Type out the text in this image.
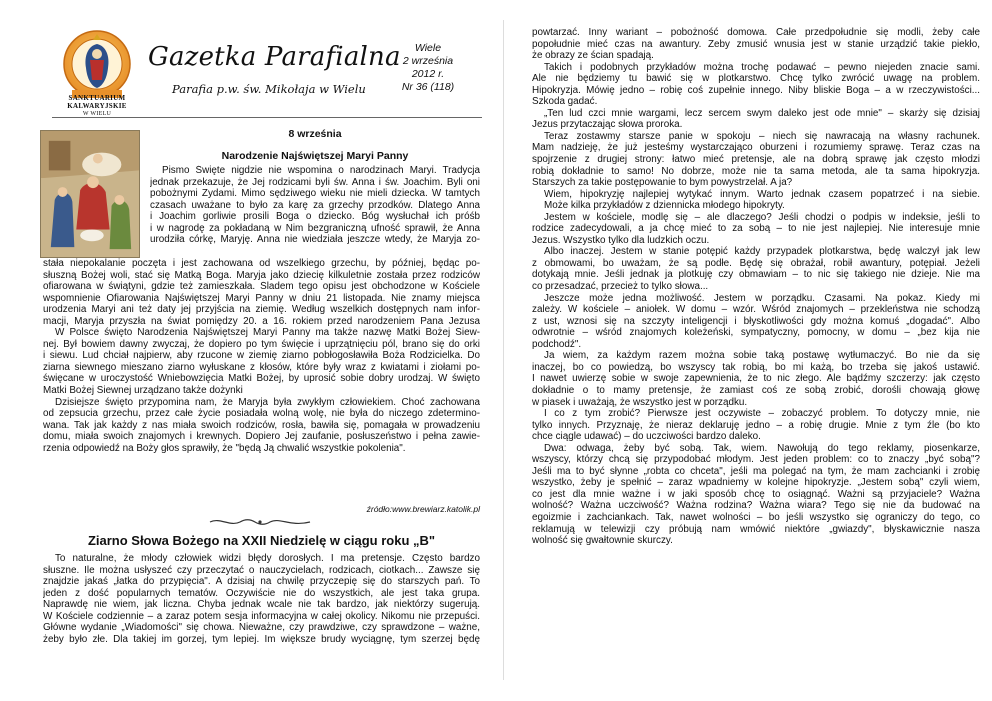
SANKTUARIUM
KALWARYJSKIE
W WIELU
Gazetka Parafialna
Parafia p.w. św. Mikołaja w Wielu
Wiele
2 września
2012 r.
Nr 36 (118)
8 września
Narodzenie Najświętszej Maryi Panny
Pismo Święte nigdzie nie wspomina o narodzinach Maryi. Tradycja
jednak przekazuje, że Jej rodzicami byli św. Anna i św. Joachim. Byli oni
pobożnymi Żydami. Mimo sędziwego wieku nie mieli dziecka. W tamtych
czasach uważane to było za karę za grzechy przodków. Dlatego Anna
i Joachim gorliwie prosili Boga o dziecko. Bóg wysłuchał ich próśb
i w nagrodę za pokładaną w Nim bezgraniczną ufność sprawił, że Anna
urodziła córkę, Maryję. Anna nie wiedziała jeszcze wtedy, że Maryja zo-
stała niepokalanie poczęta i jest zachowana od wszelkiego grzechu, by później, będąc po-
słuszną Bożej woli, stać się Matką Boga. Maryja jako dziecię kilkuletnie została przez rodziców
ofiarowana w świątyni, gdzie też zamieszkała. Śladem tego opisu jest obchodzone w Kościele
wspomnienie Ofiarowania Najświętszej Maryi Panny w dniu 21 listopada. Nie znamy miejsca
urodzenia Maryi ani też daty jej przyjścia na ziemię. Według wszelkich dostępnych nam infor-
macji, Maryja przyszła na świat pomiędzy 20. a 16. rokiem przed narodzeniem Pana Jezusa
W Polsce święto Narodzenia Najświętszej Maryi Panny ma także nazwę Matki Bożej Siew-
nej. Był bowiem dawny zwyczaj, że dopiero po tym święcie i uprzątnięciu pól, brano się do orki
i siewu. Lud chciał najpierw, aby rzucone w ziemię ziarno pobłogosławiła Boża Rodzicielka. Do
ziarna siewnego mieszano ziarno wyłuskane z kłosów, które były wraz z kwiatami i ziołami po-
święcane w uroczystość Wniebowzięcia Matki Bożej, by uprosić sobie dobry urodzaj. W święto
Matki Bożej Siewnej urządzano także dożynki
Dzisiejsze święto przypomina nam, że Maryja była zwykłym człowiekiem. Choć zachowana
od zepsucia grzechu, przez całe życie posiadała wolną wolę, nie była do niczego zdetermino-
wana. Tak jak każdy z nas miała swoich rodziców, rosła, bawiła się, pomagała w prowadzeniu
domu, miała swoich znajomych i krewnych. Dopiero Jej zaufanie, posłuszeństwo i pełna zawie-
rzenia odpowiedź na Boży głos sprawiły, że "będą Ją chwalić wszystkie pokolenia".
źródło:www.brewiarz.katolik.pl
Ziarno Słowa Bożego na XXII Niedzielę w ciągu roku „B"
To naturalne, że młody człowiek widzi błędy dorosłych. I ma pretensje. Często bardzo
słuszne. Ile można usłyszeć czy przeczytać o nauczycielach, rodzicach, ciotkach... Zawsze się
znajdzie jakaś „łatka do przypięcia". A dzisiaj na chwilę przyczepię się do starszych pań. To
jeden z dość popularnych tematów. Oczywiście nie do wszystkich, ale jest taka grupa.
Naprawdę nie wiem, jak liczna. Chyba jednak wcale nie tak bardzo, jak niektórzy sugerują.
W Kościele codziennie – a zaraz potem sesja informacyjna w całej okolicy. Nikomu nie przepuści.
Główne wydanie „Wiadomości" się chowa. Nieważne, czy prawdziwe, czy sprawdzone – ważne,
żeby było złe. Dla takiej im gorzej, tym lepiej. Im większe brudy wyciągnę, tym szerzej będę
powtarzać. Inny wariant – pobożność domowa. Całe przedpołudnie się modli, żeby całe
popołudnie mieć czas na awantury. Żeby zmusić wnusia jest w stanie urządzić takie piekło,
że obrazy ze ścian spadają.
Takich i podobnych przykładów można trochę podawać – pewno niejeden znacie sami.
Ale nie będziemy tu bawić się w plotkarstwo. Chcę tylko zwrócić uwagę na problem.
Hipokryzja. Mówię jedno – robię coś zupełnie innego. Niby bliskie Boga – a w rzeczywistości...
Szkoda gadać.
„Ten lud czci mnie wargami, lecz sercem swym daleko jest ode mnie" – skarży się dzisiaj
Jezus przytaczając słowa proroka.
Teraz zostawmy starsze panie w spokoju – niech się nawracają na własny rachunek.
Mam nadzieję, że już jesteśmy wystarczająco oburzeni i rozumiemy sprawę. Teraz czas na
spojrzenie z drugiej strony: łatwo mieć pretensje, ale na dobrą sprawę jak często młodzi
robią dokładnie to samo! No dobrze, może nie ta sama metoda, ale ta sama hipokryzja.
Starszych za takie postępowanie to bym powystrzelał. A ja?
Wiem, hipokryzję najlepiej wytykać innym. Warto jednak czasem popatrzeć i na siebie.
Może kilka przykładów z dziennicka młodego hipokryty.
Jestem w kościele, modlę się – ale dlaczego? Jeśli chodzi o podpis w indeksie, jeśli to
rodzice zadecydowali, a ja chcę mieć to za sobą – to nie jest najlepiej. Nie interesuje mnie
Jezus. Wszystko tylko dla ludzkich oczu.
Albo inaczej. Jestem w stanie potępić każdy przypadek plotkarstwa, będę walczył jak lew
z obmowami, bo uważam, że są podłe. Będę się obrażał, robił awantury, potępiał. Jeżeli
dotykają mnie. Jeśli jednak ja plotkuję czy obmawiam – to nic się takiego nie dzieje. Nie ma
co przesadzać, przecież to tylko słowa...
Jeszcze może jedna możliwość. Jestem w porządku. Czasami. Na pokaz. Kiedy mi
zależy. W kościele – aniołek. W domu – wzór. Wśród znajomych – przekleństwa nie schodzą
z ust, wznosi się na szczyty inteligencji i błyskotliwości gdy można komuś „dogadać". Albo
odwrotnie – wśród znajomych koleżeński, sympatyczny, pomocny, w domu – „bez kija nie
podchodź".
Ja wiem, za każdym razem można sobie taką postawę wytłumaczyć. Bo nie da się
inaczej, bo co powiedzą, bo wszyscy tak robią, bo mi każą, bo trzeba się jakoś ustawić.
I nawet uwierzę sobie w swoje zapewnienia, że to nic złego. Ale bądźmy szczerzy: jak często
dokładnie o to mamy pretensje, że zamiast coś ze sobą zrobić, dorośli chowają głowę
w piasek i uważają, że wszystko jest w porządku.
I co z tym zrobić? Pierwsze jest oczywiste – zobaczyć problem. To dotyczy mnie, nie
tylko innych. Przyznaję, że nieraz deklaruję jedno – a robię drugie. Mnie z tym źle (bo kto
chce ciągle udawać) – do uczciwości bardzo daleko.
Dwa: odwaga, żeby być sobą. Tak, wiem. Nawołują do tego reklamy, piosenkarze,
wszyscy, którzy chcą się przypodobać młodym. Jest jeden problem: co to znaczy „być sobą"?
Jeśli ma to być słynne „robta co chceta", jeśli ma polegać na tym, że mam zachcianki i zrobię
wszystko, żeby je spełnić – zaraz wpadniemy w kolejne hipokryzje. „Jestem sobą" czyli wiem,
co jest dla mnie ważne i w jaki sposób chcę to osiągnąć. Ważni są przyjaciele? Ważna
wolność? Ważna uczciwość? Ważna rodzina? Ważna wiara? Tego się nie da budować na
egoizmie i zachciankach. Tak, nawet wolności – bo jeśli wszystko się ograniczy do tego, co
reklamują w telewizji czy próbują nam wmówić niektóre „gwiazdy", błyskawicznie nasza
wolność się gwałtownie skurczy.
